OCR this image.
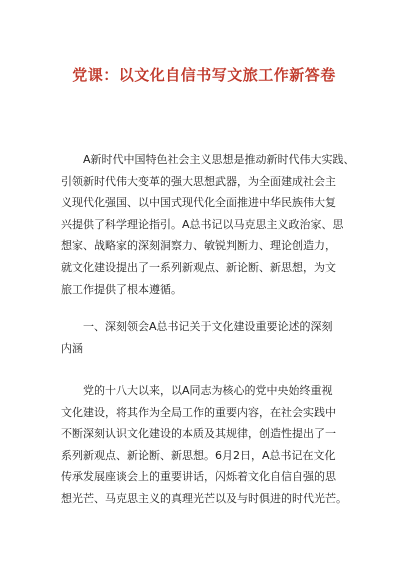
党课：以文化自信书写文旅工作新答卷
　　A新时代中国特色社会主义思想是推动新时代伟大实践、
引领新时代伟大变革的强大思想武器，为全面建成社会主
义现代化强国、以中国式现代化全面推进中华民族伟大复
兴提供了科学理论指引。A总书记以马克思主义政治家、思
想家、战略家的深刻洞察力、敏锐判断力、理论创造力，
就文化建设提出了一系列新观点、新论断、新思想，为文
旅工作提供了根本遵循。
　　一、深刻领会A总书记关于文化建设重要论述的深刻
内涵
　　党的十八大以来，以A同志为核心的党中央始终重视
文化建设，将其作为全局工作的重要内容，在社会实践中
不断深刻认识文化建设的本质及其规律，创造性提出了一
系列新观点、新论断、新思想。6月2日，A总书记在文化
传承发展座谈会上的重要讲话，闪烁着文化自信自强的思
想光芒、马克思主义的真理光芒以及与时俱进的时代光芒。
